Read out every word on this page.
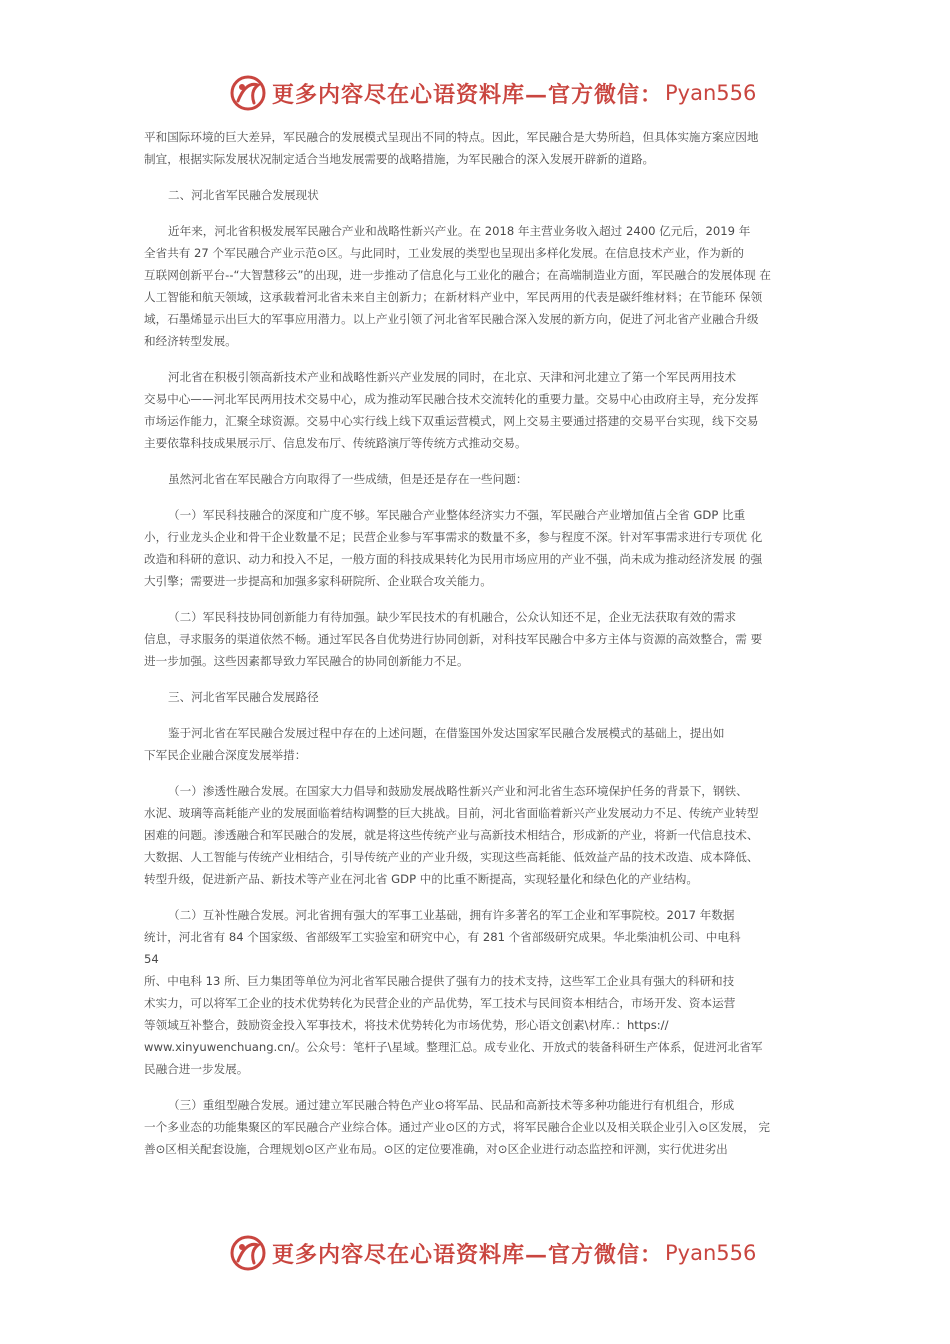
更多内容尽在心语资料库—官方微信： Pyan556
平和国际环境的巨大差异，军民融合的发展模式呈现出不同的特点。因此，军民融合是大势所趋，但具体实施方案应因地
制宜，根据实际发展状况制定适合当地发展需要的战略措施，为军民融合的深入发展开辟新的道路。
二、河北省军民融合发展现状
近年来，河北省积极发展军民融合产业和战略性新兴产业。在 2018 年主营业务收入超过 2400 亿元后，2019 年
全省共有 27 个军民融合产业示范⊙区。与此同时，工业发展的类型也呈现出多样化发展。在信息技术产业，作为新的
互联网创新平台--“大智慧移云”的出现，进一步推动了信息化与工业化的融合；在高端制造业方面，军民融合的发展体现 在
人工智能和航天领域，这承载着河北省未来自主创新力；在新材料产业中，军民两用的代表是碳纤维材料；在节能环 保领
域，石墨烯显示出巨大的军事应用潜力。以上产业引领了河北省军民融合深入发展的新方向，促进了河北省产业融合升级
和经济转型发展。
河北省在积极引领高新技术产业和战略性新兴产业发展的同时，在北京、天津和河北建立了第一个军民两用技术
交易中心——河北军民两用技术交易中心，成为推动军民融合技术交流转化的重要力量。交易中心由政府主导，充分发挥
市场运作能力，汇聚全球资源。交易中心实行线上线下双重运营模式，网上交易主要通过搭建的交易平台实现，线下交易
主要依靠科技成果展示厅、信息发布厅、传统路演厅等传统方式推动交易。
虽然河北省在军民融合方向取得了一些成绩，但是还是存在一些问题：
（一）军民科技融合的深度和广度不够。军民融合产业整体经济实力不强，军民融合产业增加值占全省 GDP 比重
小，行业龙头企业和骨干企业数量不足；民营企业参与军事需求的数量不多，参与程度不深。针对军事需求进行专项优 化
改造和科研的意识、动力和投入不足，一般方面的科技成果转化为民用市场应用的产业不强，尚未成为推动经济发展 的强
大引擎；需要进一步提高和加强多家科研院所、企业联合攻关能力。
（二）军民科技协同创新能力有待加强。缺少军民技术的有机融合，公众认知还不足，企业无法获取有效的需求
信息，寻求服务的渠道依然不畅。通过军民各自优势进行协同创新，对科技军民融合中多方主体与资源的高效整合，需 要
进一步加强。这些因素都导致力军民融合的协同创新能力不足。
三、河北省军民融合发展路径
鉴于河北省在军民融合发展过程中存在的上述问题，在借鉴国外发达国家军民融合发展模式的基础上，提出如
下军民企业融合深度发展举措：
（一）渗透性融合发展。在国家大力倡导和鼓励发展战略性新兴产业和河北省生态环境保护任务的背景下，钢铁、
水泥、玻璃等高耗能产业的发展面临着结构调整的巨大挑战。目前，河北省面临着新兴产业发展动力不足、传统产业转型
困难的问题。渗透融合和军民融合的发展，就是将这些传统产业与高新技术相结合，形成新的产业，将新一代信息技术、
大数据、人工智能与传统产业相结合，引导传统产业的产业升级，实现这些高耗能、低效益产品的技术改造、成本降低、
转型升级，促进新产品、新技术等产业在河北省 GDP 中的比重不断提高，实现轻量化和绿色化的产业结构。
（二）互补性融合发展。河北省拥有强大的军事工业基础，拥有许多著名的军工企业和军事院校。2017 年数据
统计，河北省有 84 个国家级、省部级军工实验室和研究中心，有 281 个省部级研究成果。华北柴油机公司、中电科
54
所、中电科 13 所、巨力集团等单位为河北省军民融合提供了强有力的技术支持，这些军工企业具有强大的科研和技
术实力，可以将军工企业的技术优势转化为民营企业的产品优势，军工技术与民间资本相结合，市场开发、资本运营
等领域互补整合，鼓励资金投入军事技术，将技术优势转化为市场优势，形心语文创素\材库.：https://
www.xinyuwenchuang.cn/。公众号：笔杆子\星域。整理汇总。成专业化、开放式的装备科研生产体系，促进河北省军
民融合进一步发展。
（三）重组型融合发展。通过建立军民融合特色产业⊙将军品、民品和高新技术等多种功能进行有机组合，形成
一个多业态的功能集聚区的军民融合产业综合体。通过产业⊙区的方式，将军民融合企业以及相关联企业引入⊙区发展， 完
善⊙区相关配套设施，合理规划⊙区产业布局。⊙区的定位要准确，对⊙区企业进行动态监控和评测，实行优进劣出
更多内容尽在心语资料库—官方微信： Pyan556
